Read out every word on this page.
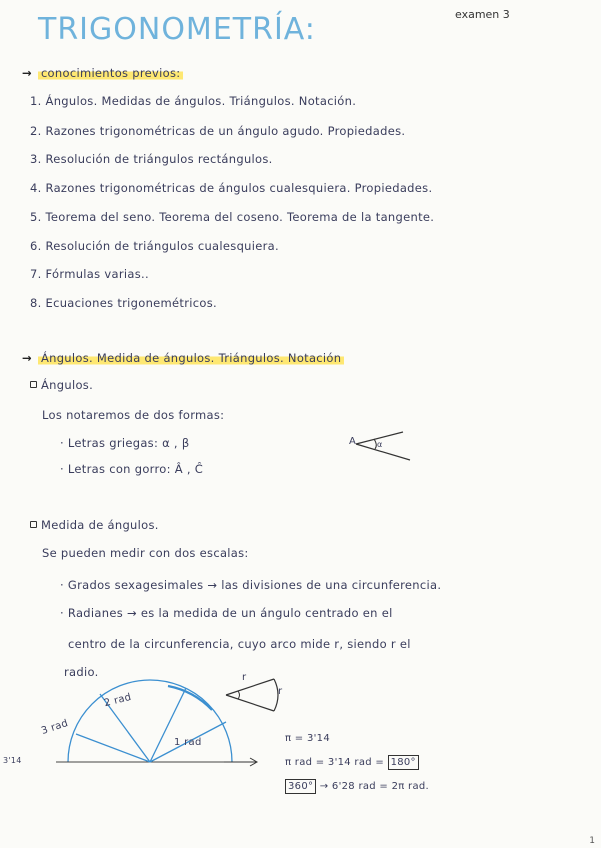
TRIGONOMETRÍA:	examen 3
→ conocimientos previos:
1. Ángulos. Medidas de ángulos. Triángulos. Notación.
2. Razones trigonométricas de un ángulo agudo. Propiedades.
3. Resolución de triángulos rectángulos.
4. Razones trigonométricas de ángulos cualesquiera. Propiedades.
5. Teorema del seno. Teorema del coseno. Teorema de la tangente.
6. Resolución de triángulos cualesquiera.
7. Fórmulas varias..
8. Ecuaciones trigonemétricos.
→ Ángulos. Medida de ángulos. Triángulos. Notación
Ángulos.
Los notaremos de dos formas:
· Letras griegas: α , β
· Letras con gorro: Â , Ĉ
A	α
Medida de ángulos.
Se pueden medir con dos escalas:
· Grados sexagesimales → las divisiones de una circunferencia.
· Radianes → es la medida de un ángulo centrado en el
centro de la circunferencia, cuyo arco mide r, siendo r el
radio.	r
r
2 rad
3 rad
1 rad
3'14
π = 3'14
π rad = 3'14 rad = 180°
360° → 6'28 rad = 2π rad.
1
